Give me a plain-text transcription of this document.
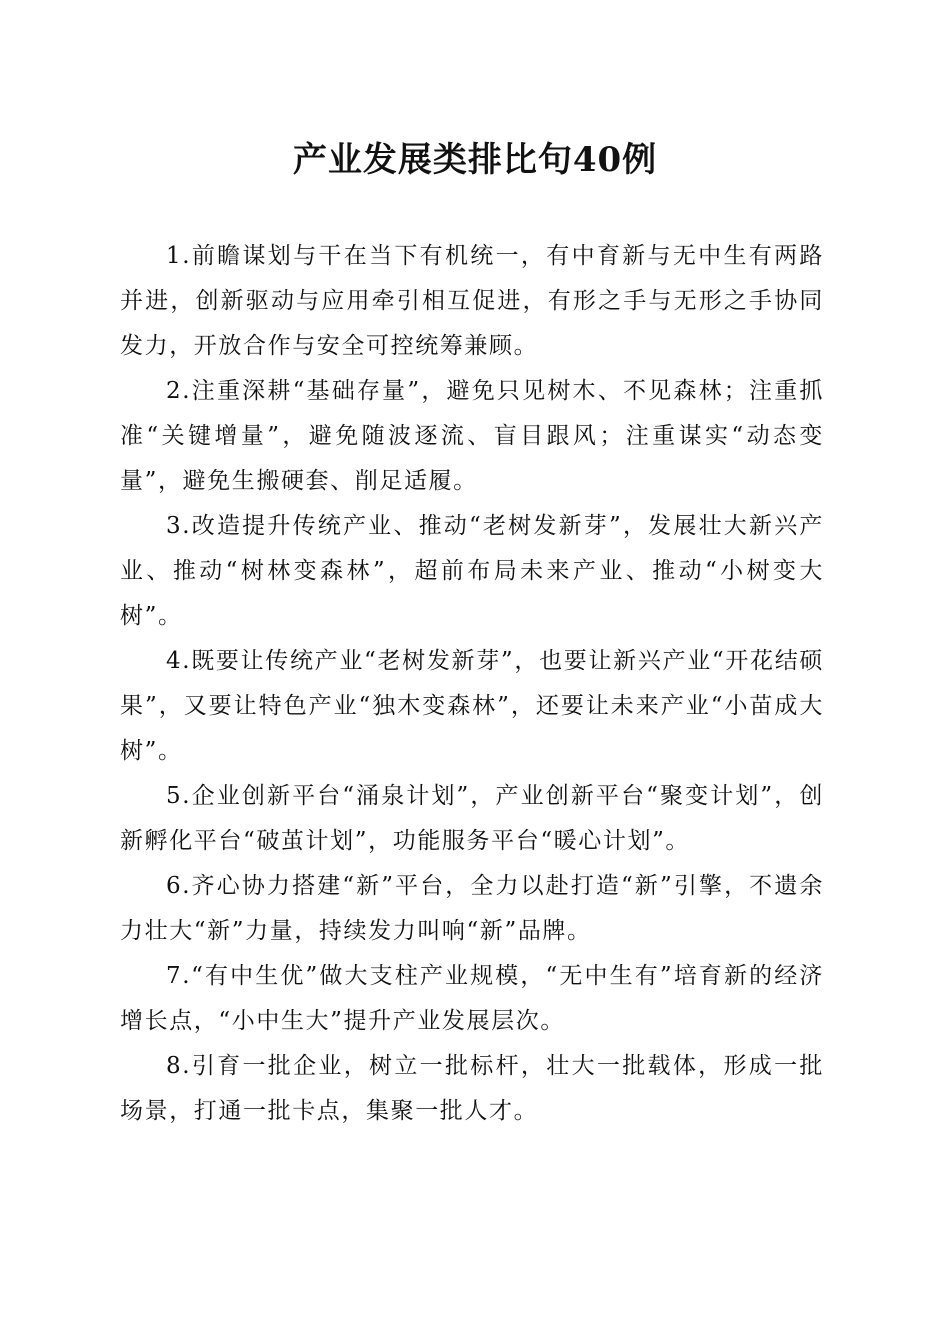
产业发展类排比句40例

1.前瞻谋划与干在当下有机统一，有中育新与无中生有两路并进，创新驱动与应用牵引相互促进，有形之手与无形之手协同发力，开放合作与安全可控统筹兼顾。

2.注重深耕“基础存量”，避免只见树木、不见森林；注重抓准“关键增量”，避免随波逐流、盲目跟风；注重谋实“动态变量”，避免生搬硬套、削足适履。

3.改造提升传统产业、推动“老树发新芽”，发展壮大新兴产业、推动“树林变森林”，超前布局未来产业、推动“小树变大树”。

4.既要让传统产业“老树发新芽”，也要让新兴产业“开花结硕果”，又要让特色产业“独木变森林”，还要让未来产业“小苗成大树”。

5.企业创新平台“涌泉计划”，产业创新平台“聚变计划”，创新孵化平台“破茧计划”，功能服务平台“暖心计划”。

6.齐心协力搭建“新”平台，全力以赴打造“新”引擎，不遗余力壮大“新”力量，持续发力叫响“新”品牌。

7.“有中生优”做大支柱产业规模，“无中生有”培育新的经济增长点，“小中生大”提升产业发展层次。

8.引育一批企业，树立一批标杆，壮大一批载体，形成一批场景，打通一批卡点，集聚一批人才。
